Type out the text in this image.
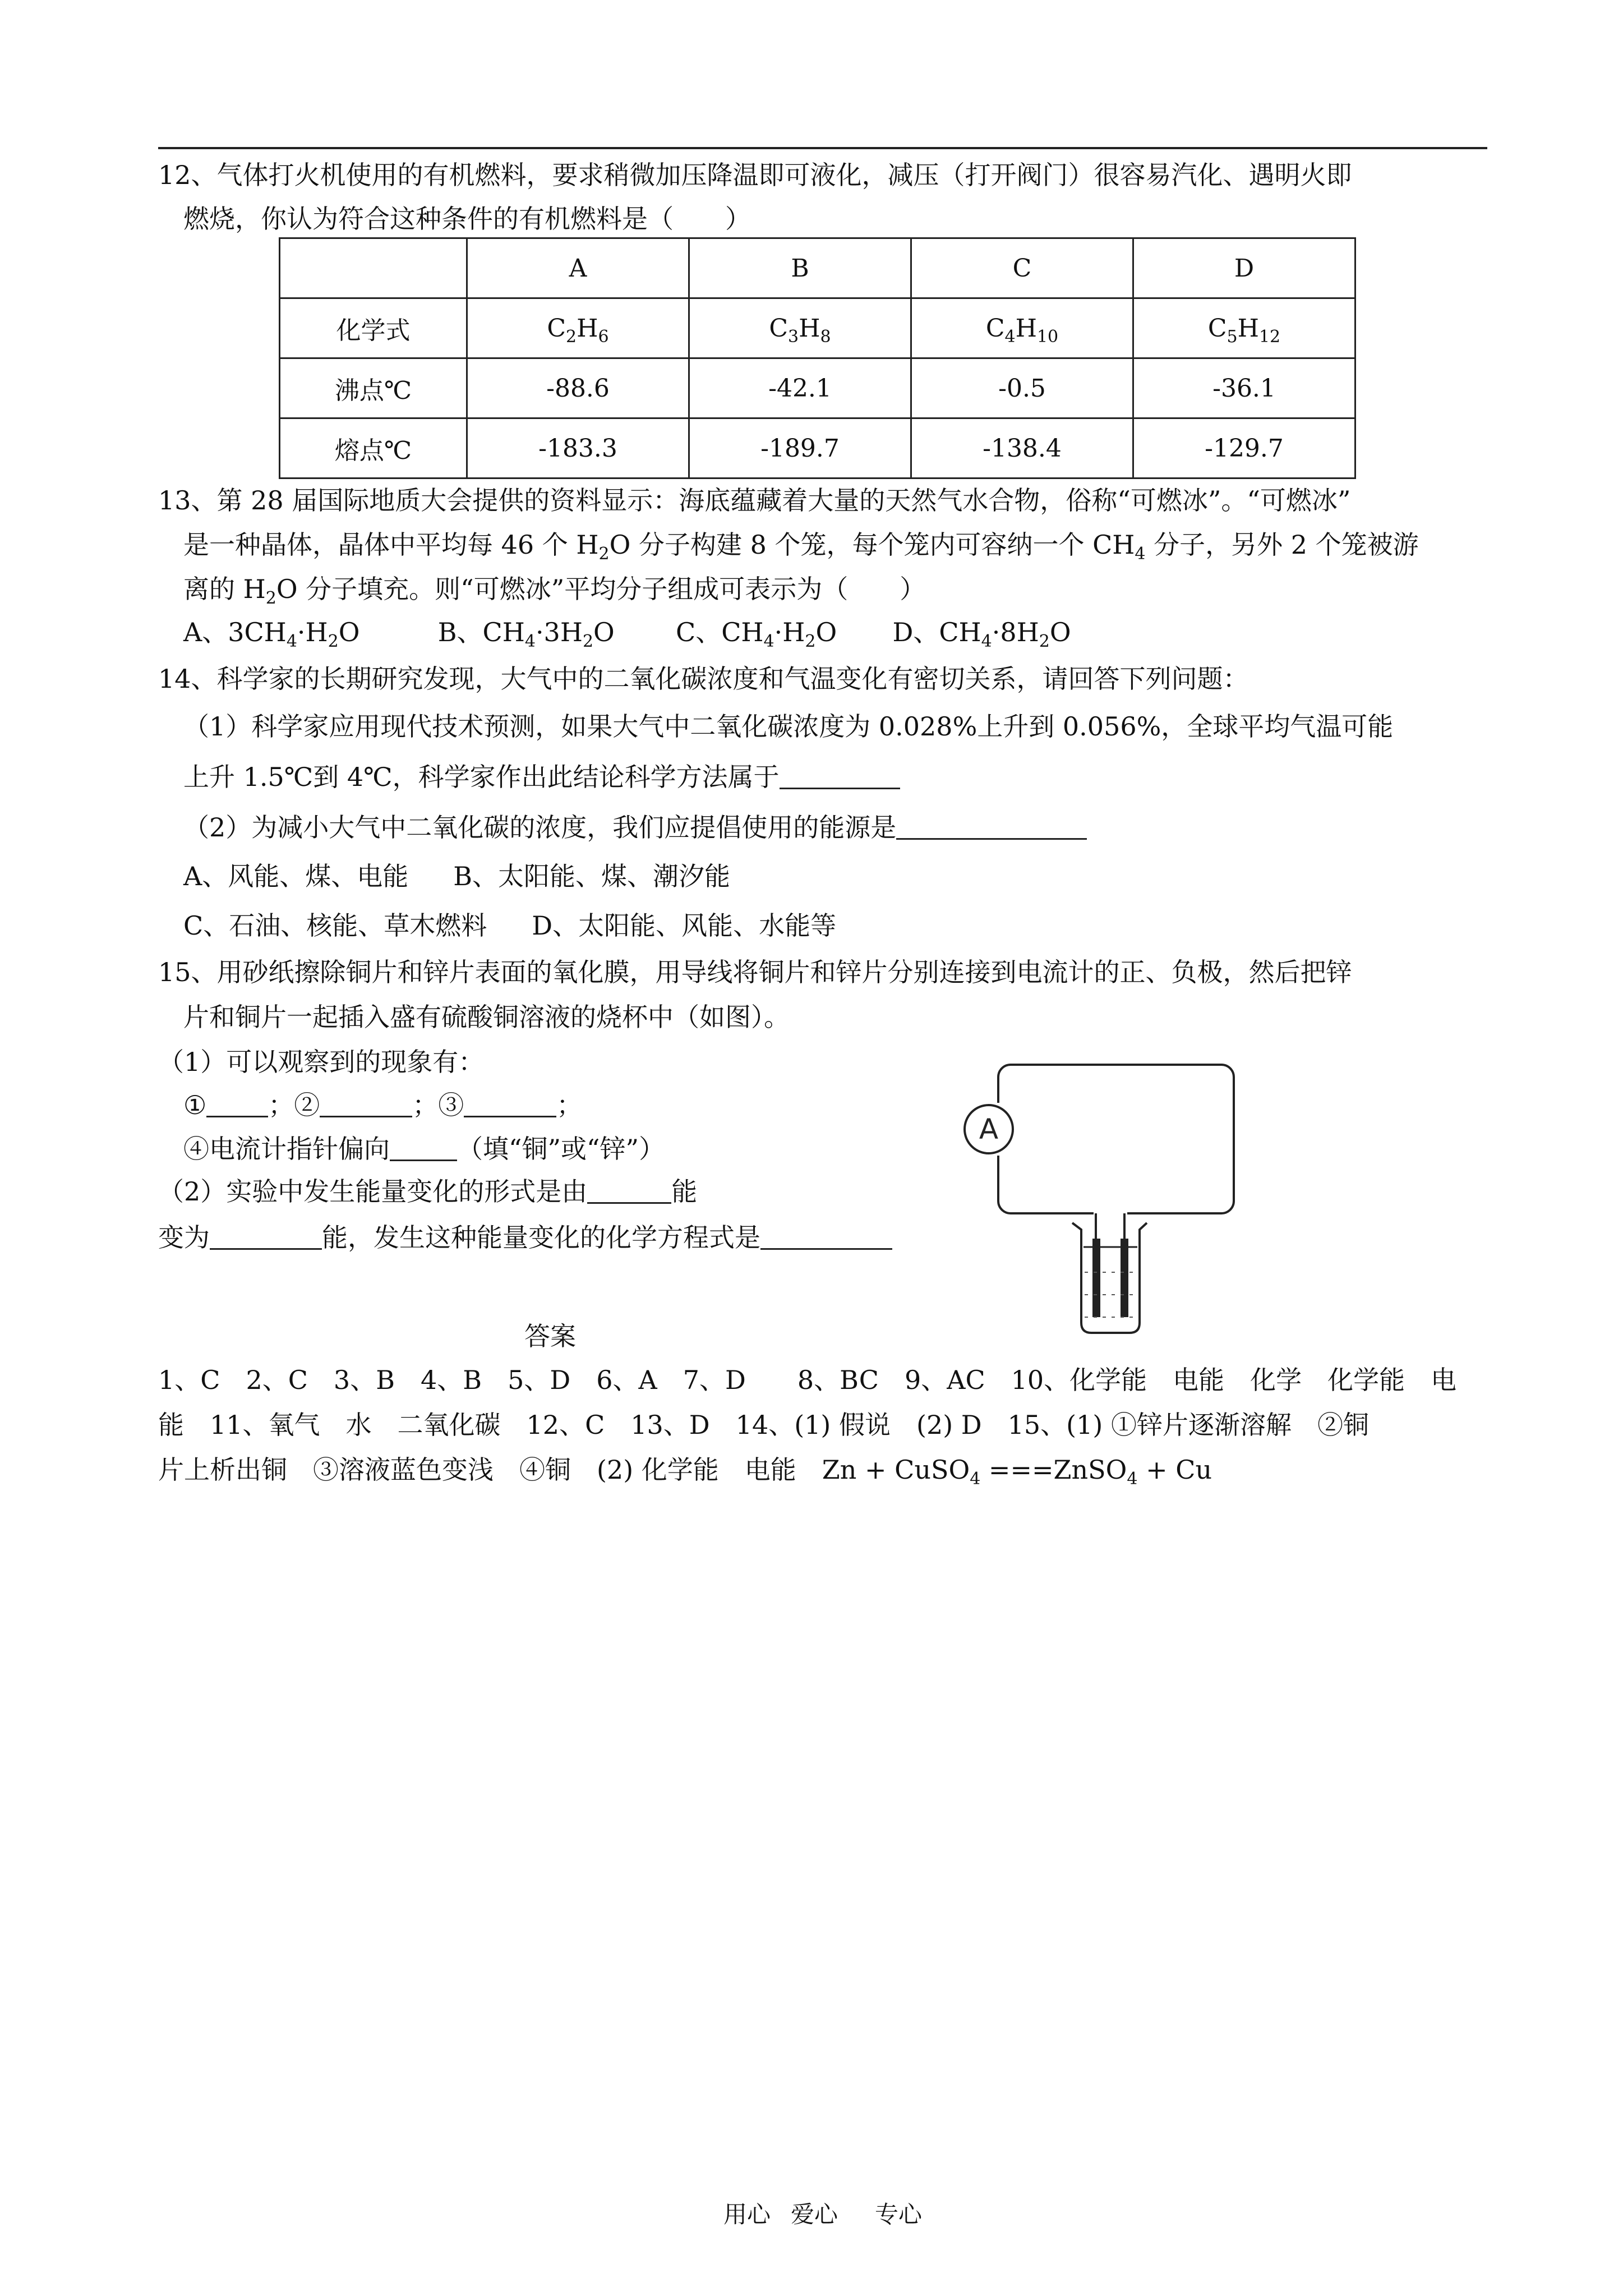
12、气体打火机使用的有机燃料，要求稍微加压降温即可液化，减压（打开阀门）很容易汽化、遇明火即
燃烧，你认为符合这种条件的有机燃料是（　　）
	A	B	C	D
化学式	$C_2H_6$	$C_3H_8$	$C_4H_{10}$	$C_5H_{12}$
沸点℃	-88.6	-42.1	-0.5	-36.1
熔点℃	-183.3	-189.7	-138.4	-129.7
13、第 28 届国际地质大会提供的资料显示：海底蕴藏着大量的天然气水合物，俗称“可燃冰”。“可燃冰”
是一种晶体，晶体中平均每 46 个 $H_2O$ 分子构建 8 个笼，每个笼内可容纳一个 $CH_4$ 分子，另外 2 个笼被游
离的 $H_2O$ 分子填充。则“可燃冰”平均分子组成可表示为（　　）
A、$3CH_4\cdot H_2O$	B、$CH_4\cdot 3H_2O$ C、$CH_4\cdot H_2O$ D、$CH_4\cdot 8H_2O$
14、科学家的长期研究发现，大气中的二氧化碳浓度和气温变化有密切关系，请回答下列问题：
（1）科学家应用现代技术预测，如果大气中二氧化碳浓度为 0.028%上升到 0.056%，全球平均气温可能
上升 1.5℃到 4℃，科学家作出此结论科学方法属于
（2）为减小大气中二氧化碳的浓度，我们应提倡使用的能源是
A、风能、煤、电能 B、太阳能、煤、潮汐能
C、石油、核能、草木燃料 D、太阳能、风能、水能等
15、用砂纸擦除铜片和锌片表面的氧化膜，用导线将铜片和锌片分别连接到电流计的正、负极，然后把锌
片和铜片一起插入盛有硫酸铜溶液的烧杯中（如图）。
（1）可以观察到的现象有：
① ；②	；③	；
④电流计指针偏向	（填“铜”或“锌”）
（2）实验中发生能量变化的形式是由	能
变为	能，发生这种能量变化的化学方程式是
A
答案
1、C　2、C　3、B　4、B　5、D　6、A　7、D　　8、BC　9、AC　10、化学能　电能　化学　化学能　电
能　11、氧气　水　二氧化碳　12、C　13、D　14、(1) 假说　(2) D　15、(1) ①锌片逐渐溶解　②铜
片上析出铜　③溶液蓝色变浅　④铜　(2) 化学能　电能　Zn + CuSO$_4$ ===ZnSO$_4$ + Cu
用心 爱心 专心
